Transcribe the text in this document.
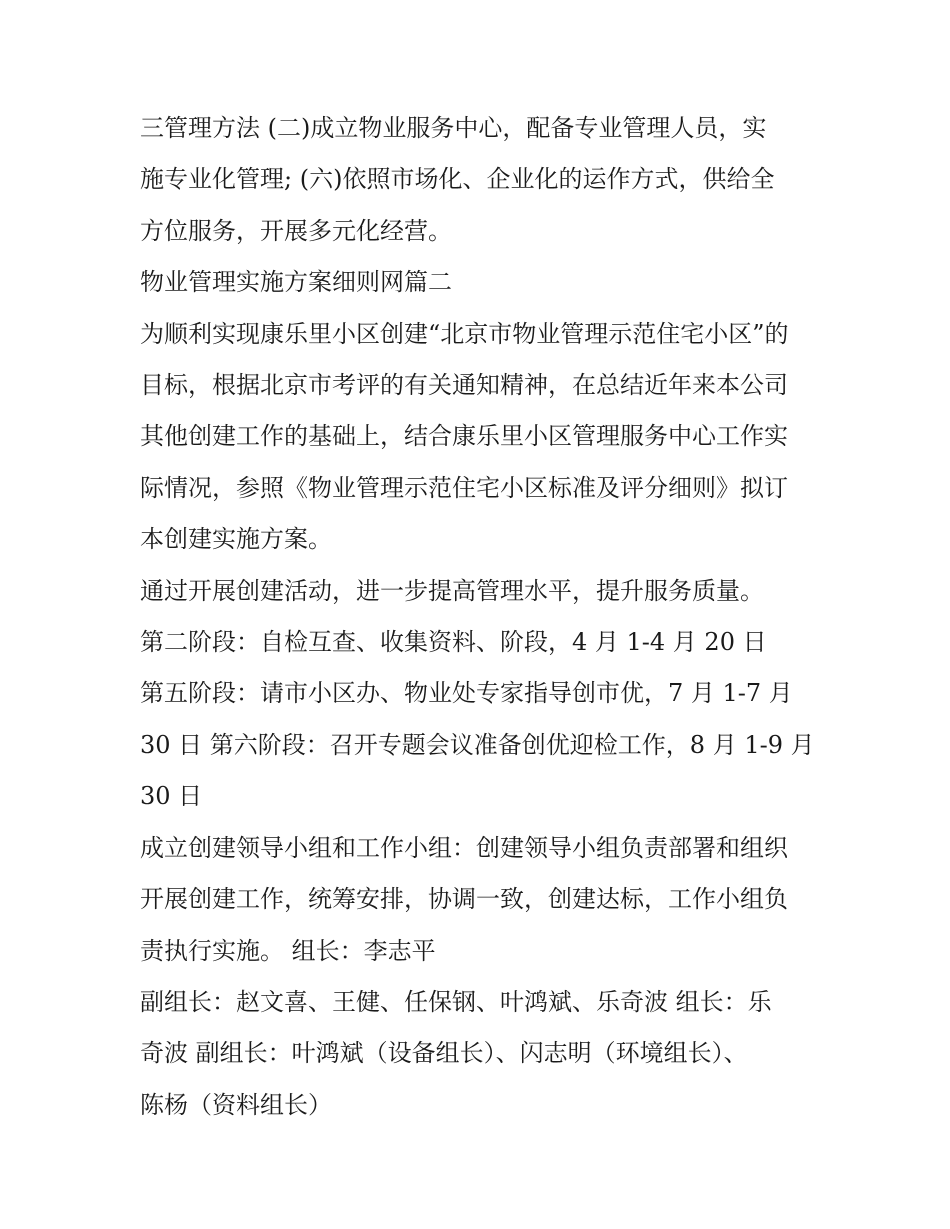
三管理方法 (二)成立物业服务中心，配备专业管理人员，实
施专业化管理; (六)依照市场化、企业化的运作方式，供给全
方位服务，开展多元化经营。
物业管理实施方案细则网篇二
为顺利实现康乐里小区创建“北京市物业管理示范住宅小区”的
目标，根据北京市考评的有关通知精神，在总结近年来本公司
其他创建工作的基础上，结合康乐里小区管理服务中心工作实
际情况，参照《物业管理示范住宅小区标准及评分细则》拟订
本创建实施方案。
通过开展创建活动，进一步提高管理水平，提升服务质量。
第二阶段：自检互查、收集资料、阶段，4 月 1-4 月 20 日
第五阶段：请市小区办、物业处专家指导创市优，7 月 1-7 月
30 日 第六阶段：召开专题会议准备创优迎检工作，8 月 1-9 月
30 日
成立创建领导小组和工作小组：创建领导小组负责部署和组织
开展创建工作，统筹安排，协调一致，创建达标，工作小组负
责执行实施。 组长：李志平
副组长：赵文喜、王健、任保钢、叶鸿斌、乐奇波 组长：乐
奇波 副组长：叶鸿斌（设备组长）、闪志明（环境组长）、
陈杨（资料组长）
